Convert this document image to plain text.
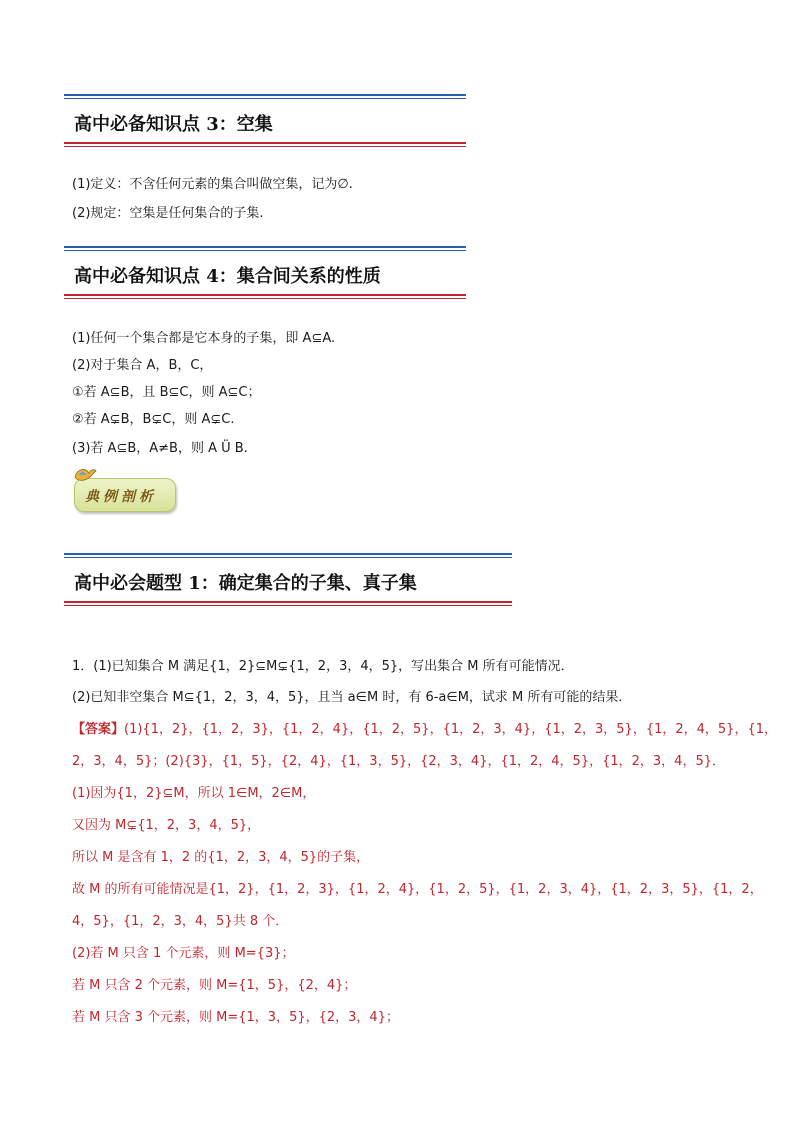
高中必备知识点 3：空集
(1)定义：不含任何元素的集合叫做空集，记为∅.
(2)规定：空集是任何集合的子集.
高中必备知识点 4：集合间关系的性质
(1)任何一个集合都是它本身的子集，即 A⊆A.
(2)对于集合 A，B，C，
①若 A⊆B，且 B⊆C，则 A⊆C；
②若 A⊊B，B⊊C，则 A⊊C.
(3)若 A⊆B，A≠B，则 A Ü B.
典例剖析
高中必会题型 1：确定集合的子集、真子集
1．(1)已知集合 M 满足{1，2}⊆M⊊{1，2，3，4，5}，写出集合 M 所有可能情况．
(2)已知非空集合 M⊆{1，2，3，4，5}，且当 a∈M 时，有 6-a∈M，试求 M 所有可能的结果．
【答案】(1){1，2}，{1，2，3}，{1，2，4}，{1，2，5}，{1，2，3，4}，{1，2，3，5}，{1，2，4，5}，{1，
2，3，4，5}；(2){3}，{1，5}，{2，4}，{1，3，5}，{2，3，4}，{1，2，4，5}，{1，2，3，4，5}．
(1)因为{1，2}⊆M，所以 1∈M，2∈M，
又因为 M⊊{1，2，3，4，5}，
所以 M 是含有 1，2 的{1，2，3，4，5}的子集，
故 M 的所有可能情况是{1，2}，{1，2，3}，{1，2，4}，{1，2，5}，{1，2，3，4}，{1，2，3，5}，{1，2，
4，5}，{1，2，3，4，5}共 8 个．
(2)若 M 只含 1 个元素，则 M={3}；
若 M 只含 2 个元素，则 M={1，5}，{2，4}；
若 M 只含 3 个元素，则 M={1，3，5}，{2，3，4}；
